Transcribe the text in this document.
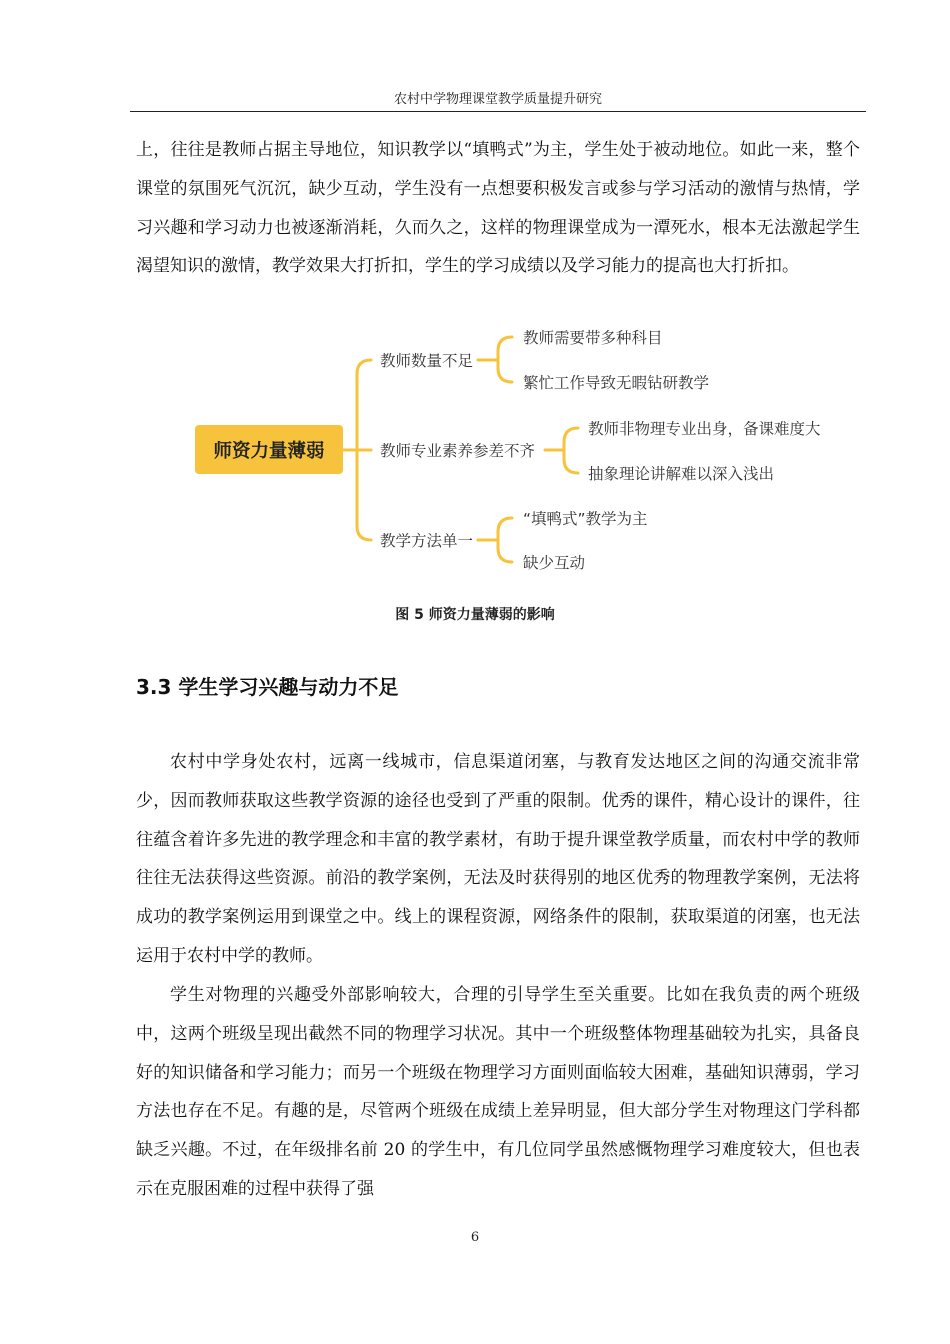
农村中学物理课堂教学质量提升研究

上，往往是教师占据主导地位，知识教学以“填鸭式”为主，学生处于被动地位。如此一来，整个课堂的氛围死气沉沉，缺少互动，学生没有一点想要积极发言或参与学习活动的激情与热情，学习兴趣和学习动力也被逐渐消耗，久而久之，这样的物理课堂成为一潭死水，根本无法激起学生渴望知识的激情，教学效果大打折扣，学生的学习成绩以及学习能力的提高也大打折扣。

师资力量薄弱
教师数量不足
教师需要带多种科目
繁忙工作导致无暇钻研教学
教师专业素养参差不齐
教师非物理专业出身，备课难度大
抽象理论讲解难以深入浅出
教学方法单一
“填鸭式”教学为主
缺少互动
图 5 师资力量薄弱的影响
3.3 学生学习兴趣与动力不足

农村中学身处农村，远离一线城市，信息渠道闭塞，与教育发达地区之间的沟通交流非常少，因而教师获取这些教学资源的途径也受到了严重的限制。优秀的课件，精心设计的课件，往往蕴含着许多先进的教学理念和丰富的教学素材，有助于提升课堂教学质量，而农村中学的教师往往无法获得这些资源。前沿的教学案例，无法及时获得别的地区优秀的物理教学案例，无法将成功的教学案例运用到课堂之中。线上的课程资源，网络条件的限制，获取渠道的闭塞，也无法运用于农村中学的教师。

学生对物理的兴趣受外部影响较大，合理的引导学生至关重要。比如在我负责的两个班级中，这两个班级呈现出截然不同的物理学习状况。其中一个班级整体物理基础较为扎实，具备良好的知识储备和学习能力；而另一个班级在物理学习方面则面临较大困难，基础知识薄弱，学习方法也存在不足。有趣的是，尽管两个班级在成绩上差异明显，但大部分学生对物理这门学科都缺乏兴趣。不过，在年级排名前 20 的学生中，有几位同学虽然感慨物理学习难度较大，但也表示在克服困难的过程中获得了强

6
